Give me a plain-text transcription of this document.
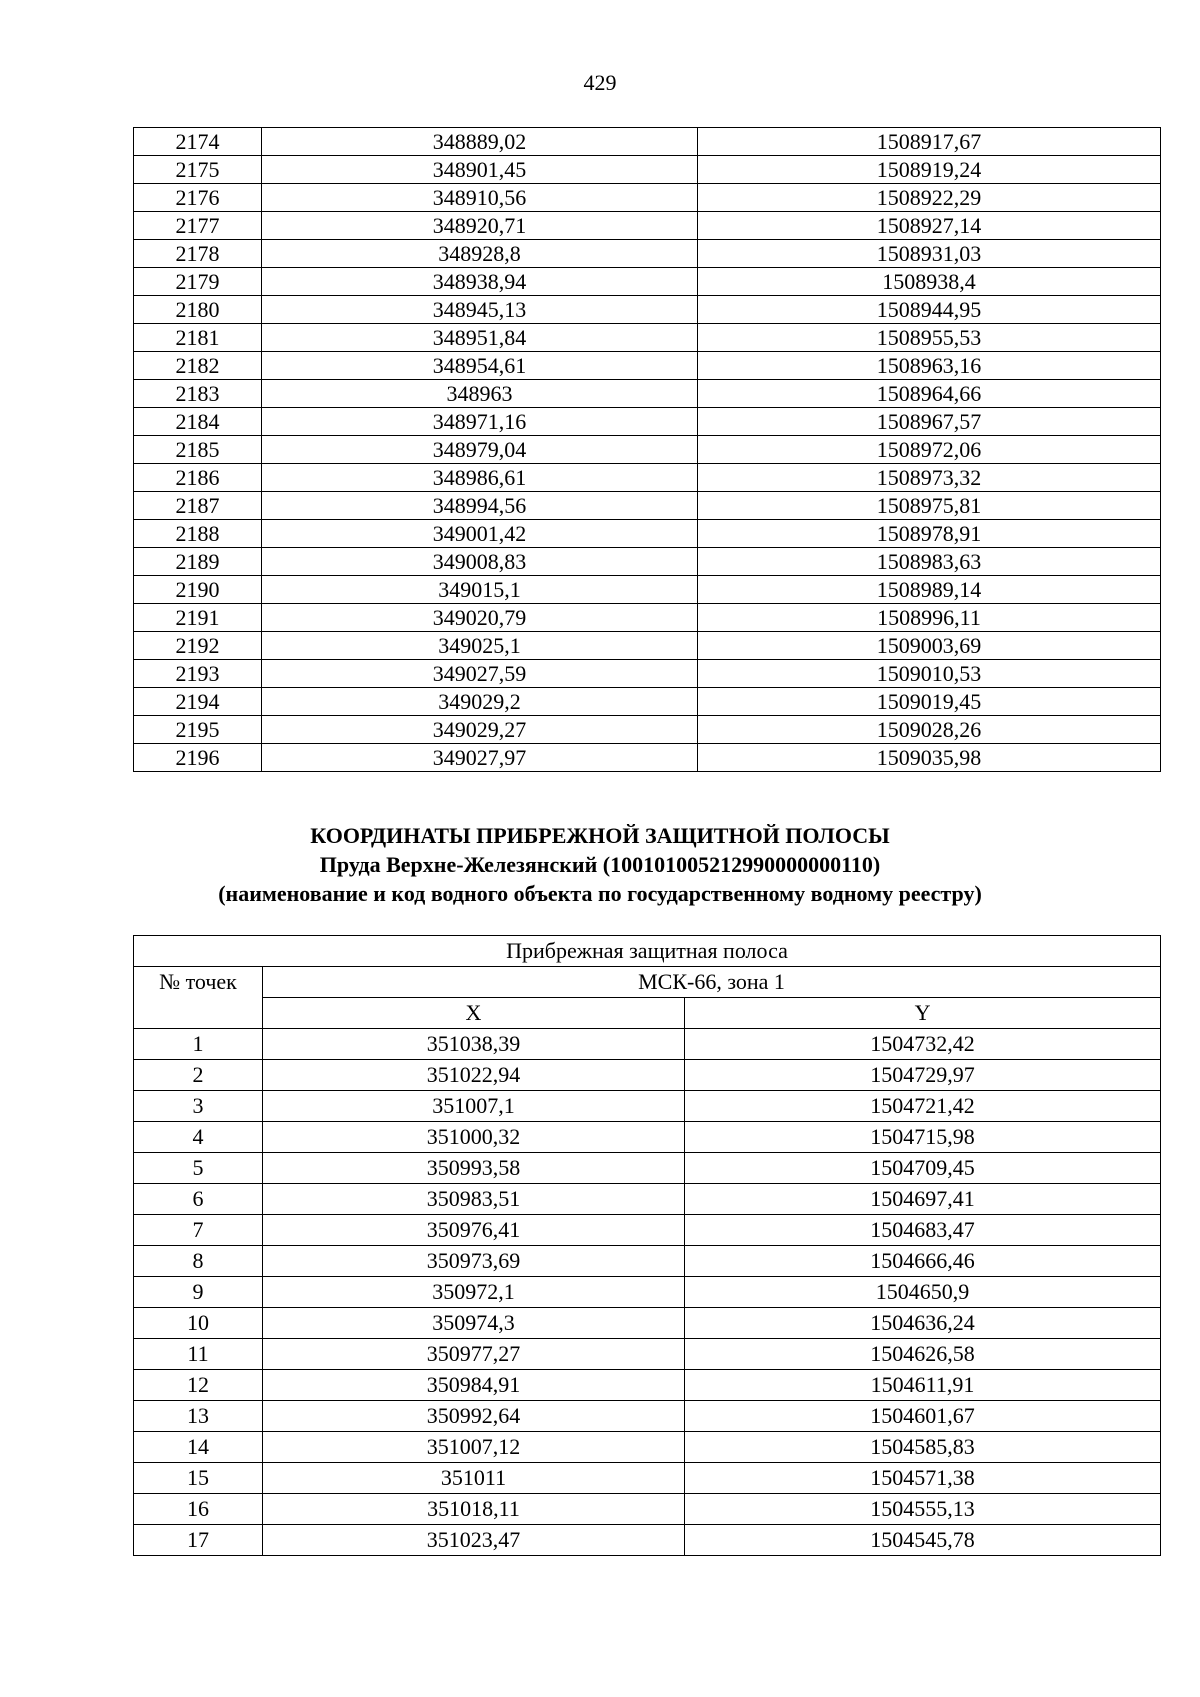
429
2174	348889,02	1508917,67
2175	348901,45	1508919,24
2176	348910,56	1508922,29
2177	348920,71	1508927,14
2178	348928,8	1508931,03
2179	348938,94	1508938,4
2180	348945,13	1508944,95
2181	348951,84	1508955,53
2182	348954,61	1508963,16
2183	348963	1508964,66
2184	348971,16	1508967,57
2185	348979,04	1508972,06
2186	348986,61	1508973,32
2187	348994,56	1508975,81
2188	349001,42	1508978,91
2189	349008,83	1508983,63
2190	349015,1	1508989,14
2191	349020,79	1508996,11
2192	349025,1	1509003,69
2193	349027,59	1509010,53
2194	349029,2	1509019,45
2195	349029,27	1509028,26
2196	349027,97	1509035,98
КООРДИНАТЫ ПРИБРЕЖНОЙ ЗАЩИТНОЙ ПОЛОСЫ
Пруда Верхне-Железянский (100101005212990000000110)
(наименование и код водного объекта по государственному водному реестру)
Прибрежная защитная полоса		
№ точек	МСК-66, зона 1	
	X	Y
1	351038,39	1504732,42
2	351022,94	1504729,97
3	351007,1	1504721,42
4	351000,32	1504715,98
5	350993,58	1504709,45
6	350983,51	1504697,41
7	350976,41	1504683,47
8	350973,69	1504666,46
9	350972,1	1504650,9
10	350974,3	1504636,24
11	350977,27	1504626,58
12	350984,91	1504611,91
13	350992,64	1504601,67
14	351007,12	1504585,83
15	351011	1504571,38
16	351018,11	1504555,13
17	351023,47	1504545,78
